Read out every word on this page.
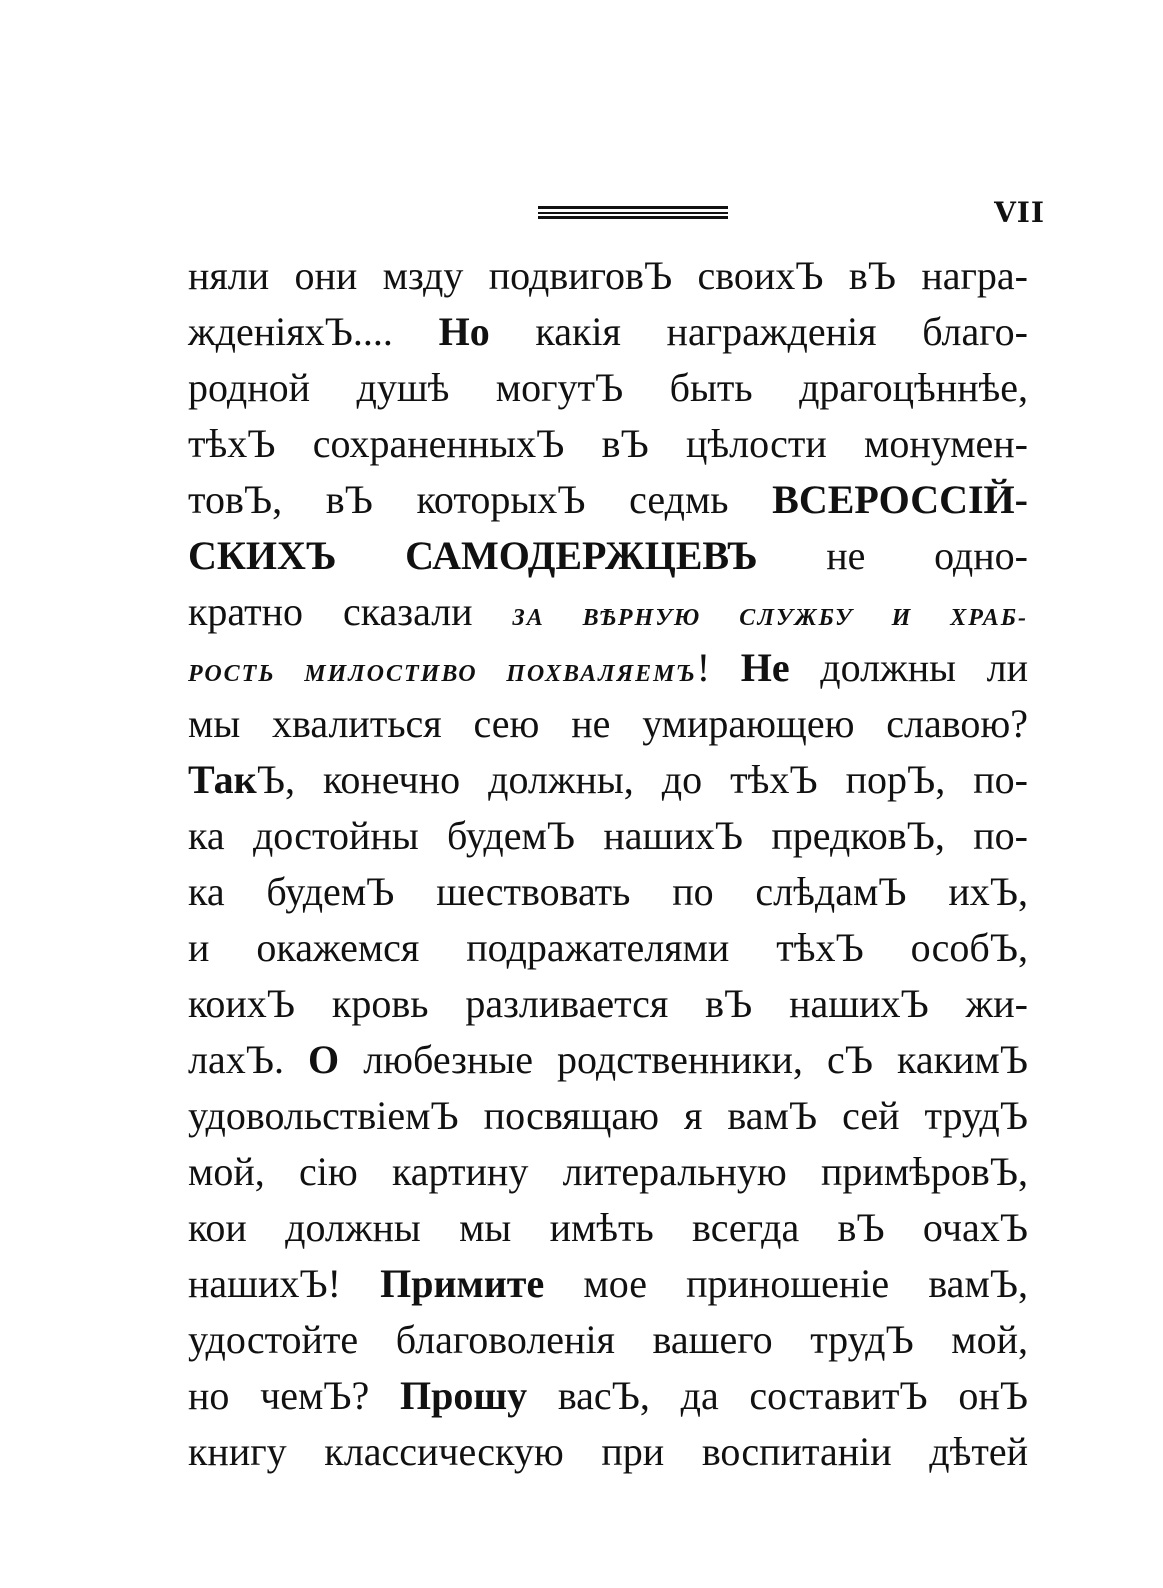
VII
няли они мзду подвиговЪ своихЪ вЪ награ-
жденiяхЪ.... Но какiя награжденiя благо-
родной душѣ могутЪ быть драгоцѣннѣе,
тѣхЪ сохраненныхЪ вЪ цѣлости монумен-
товЪ, вЪ которыхЪ седмь ВСЕРОССIЙ-
СКИХЪ САМОДЕРЖЦЕВЪ не одно-
кратно сказали ЗА ВѢРНУЮ СЛУЖБУ И ХРАБ-
РОСТЬ МИЛОСТИВО ПОХВАЛЯЕМЪ! Не должны ли
мы хвалиться сею не умирающею славою?
ТакЪ, конечно должны, до тѣхЪ порЪ, по-
ка достойны будемЪ нашихЪ предковЪ, по-
ка будемЪ шествовать по слѣдамЪ ихЪ,
и окажемся подражателями тѣхЪ особЪ,
коихЪ кровь разливается вЪ нашихЪ жи-
лахЪ. О любезные родственники, сЪ какимЪ
удовольствiемЪ посвящаю я вамЪ сей трудЪ
мой, сiю картину литеральную примѣровЪ,
кои должны мы имѣть всегда вЪ очахЪ
нашихЪ! Примите мое приношенiе вамЪ,
удостойте благоволенiя вашего трудЪ мой,
но чемЪ? Прошу васЪ, да составитЪ онЪ
книгу классическую при воспитанiи дѣтей
